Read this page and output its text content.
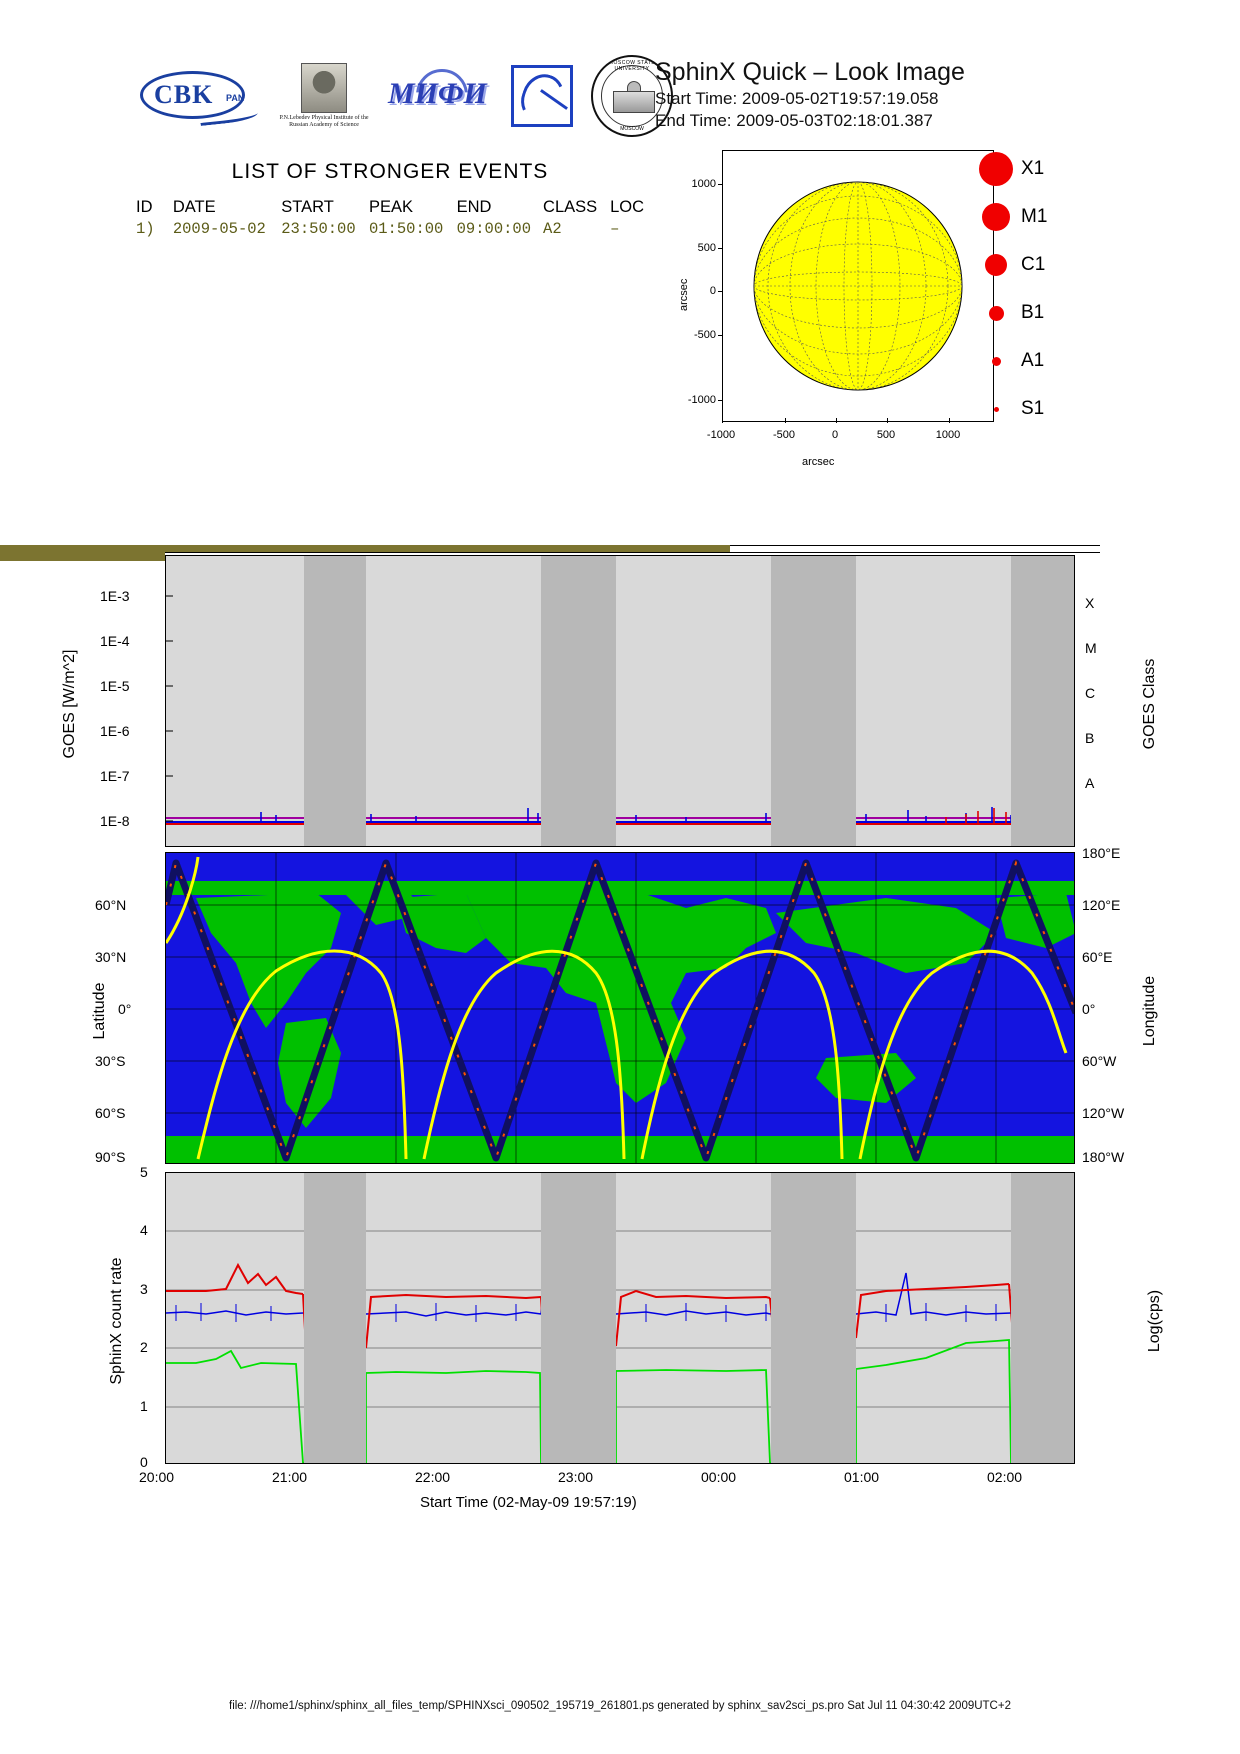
CBK PAN
P.N.Lebedev Physical Institute of the Russian Academy of Science
МИФИ
MOSCOW STATE UNIVERSITY
MOSCOW
SphinX Quick – Look Image
Start Time: 2009-05-02T19:57:19.058
End Time: 2009-05-03T02:18:01.387
LIST OF STRONGER EVENTS
ID	DATE	START	PEAK	END	CLASS	LOC
1)	2009-05-02	23:50:00	01:50:00	09:00:00	A2	–
arcsec
1000
500
0
-500
-1000
-1000	-500	0	500	1000
arcsec
X1
M1
C1
B1
A1
S1
GOES [W/m^2]	GOES Class
1E-3
1E-4
1E-5
1E-6
1E-7
1E-8
X
M
C
B
A
Latitude	Longitude
60°N
30°N
0°
30°S
60°S
90°S
180°E
120°E
60°E
0°
60°W
120°W
180°W
SphinX count rate	Log(cps)
5
4
3
2
1
0
20:00	21:00	22:00	23:00	00:00	01:00	02:00
Start Time (02-May-09 19:57:19)
file: ///home1/sphinx/sphinx_all_files_temp/SPHINXsci_090502_195719_261801.ps generated by sphinx_sav2sci_ps.pro Sat Jul 11 04:30:42 2009UTC+2
